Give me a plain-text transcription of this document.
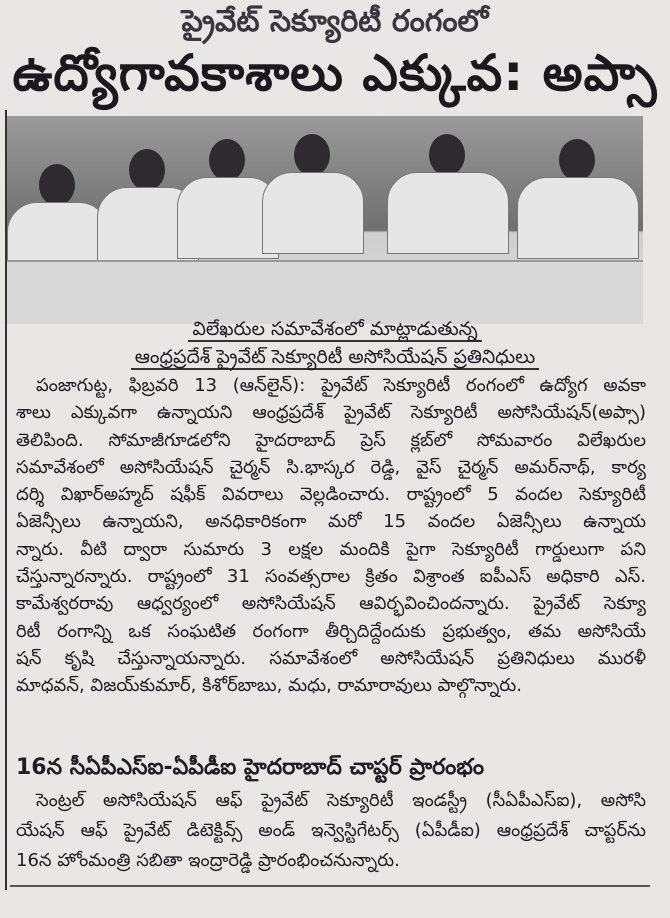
ప్రైవేట్ సెక్యూరిటీ రంగంలో
ఉద్యోగావకాశాలు ఎక్కువ: అప్సా
విలేఖరుల సమావేశంలో మాట్లాడుతున్న
ఆంధ్రప్రదేశ్ ప్రైవేట్ సెక్యూరిటీ అసోసియేషన్ ప్రతినిధులు
పంజాగుట్ట, ఫిబ్రవరి 13 (ఆన్‌లైన్): ప్రైవేట్ సెక్యూరిటీ రంగంలో ఉద్యోగ అవకా
శాలు ఎక్కువగా ఉన్నాయని ఆంధ్రప్రదేశ్ ప్రైవేట్ సెక్యూరిటీ అసోసియేషన్(అప్సా)
తెలిపింది. సోమాజీగూడలోని హైదరాబాద్ ప్రెస్ క్లబ్‌లో సోమవారం విలేఖరుల
సమావేశంలో అసోసియేషన్ చైర్మన్ సి.భాస్కర రెడ్డి, వైస్ చైర్మన్ అమర్‌నాథ్, కార్య
దర్శి విఖార్‌అహ్మద్ షఫీక్ వివరాలు వెల్లడించారు. రాష్ట్రంలో 5 వందల సెక్యూరిటీ
ఏజెన్సీలు ఉన్నాయని, అనధికారికంగా మరో 15 వందల ఏజెన్సీలు ఉన్నాయ
న్నారు. వీటి ద్వారా సుమారు 3 లక్షల మందికి పైగా సెక్యూరిటీ గార్డులుగా పని
చేస్తున్నారన్నారు. రాష్ట్రంలో 31 సంవత్సరాల క్రితం విశ్రాంత ఐపీఎస్ అధికారి ఎస్.
కామేశ్వరరావు ఆధ్వర్యంలో అసోసియేషన్ ఆవిర్భవించిందన్నారు. ప్రైవేట్ సెక్యూ
రిటీ రంగాన్ని ఒక సంఘటిత రంగంగా తీర్చిదిద్దేందుకు ప్రభుత్వం, తమ అసోసియే
షన్ కృషి చేస్తున్నాయన్నారు. సమావేశంలో అసోసియేషన్ ప్రతినిధులు మురళీ
మాధవన్, విజయ్‌కుమార్, కిశోర్‌బాబు, మధు, రామారావులు పాల్గొన్నారు.
16న సీఏపీఎస్ఐ-ఏపీడీఐ హైదరాబాద్ చాప్టర్ ప్రారంభం
సెంట్రల్ అసోసియేషన్ ఆఫ్ ప్రైవేట్ సెక్యూరిటీ ఇండస్ట్రీ (సీఏపీఎస్ఐ), అసోసి
యేషన్ ఆఫ్ ప్రైవేట్ డిటెక్టివ్స్ అండ్ ఇన్వెస్టిగేటర్స్ (ఏపీడీఐ) ఆంధ్రప్రదేశ్ చాప్టర్‌ను
16న హోంమంత్రి సబితా ఇంద్రారెడ్డి ప్రారంభించనున్నారు.
